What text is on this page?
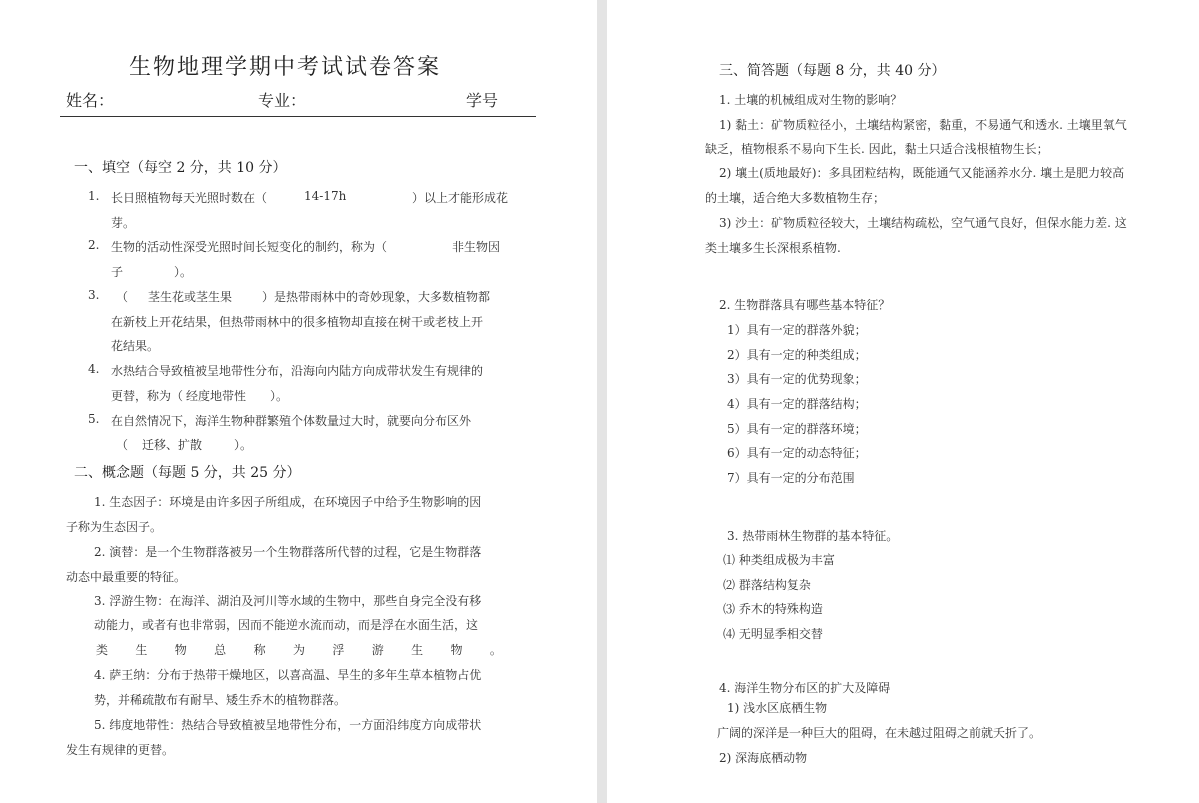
生物地理学期中考试试卷答案
姓名：	专业：	学号
一、填空（每空 2 分，共 10 分）
1. 长日照植物每天光照时数在（	14-17h	）以上才能形成花
芽。
2. 生物的活动性深受光照时间长短变化的制约，称为（	非生物因
子	）。
3. （ 茎生花或茎生果 ）是热带雨林中的奇妙现象，大多数植物都
在新枝上开花结果，但热带雨林中的很多植物却直接在树干或老枝上开
花结果。
4. 水热结合导致植被呈地带性分布，沿海向内陆方向成带状发生有规律的
更替，称为（ 经度地带性 ）。
5. 在自然情况下，海洋生物种群繁殖个体数量过大时，就要向分布区外
（ 迁移、扩散	）。
二、概念题（每题 5 分，共 25 分）
1. 生态因子：环境是由许多因子所组成，在环境因子中给予生物影响的因
子称为生态因子。
2. 演替：是一个生物群落被另一个生物群落所代替的过程，它是生物群落
动态中最重要的特征。
3. 浮游生物：在海洋、湖泊及河川等水域的生物中，那些自身完全没有移
动能力，或者有也非常弱，因而不能逆水流而动，而是浮在水面生活，这
类 生 物 总 称 为 浮 游 生 物 。
4. 萨王纳：分布于热带干燥地区，以喜高温、旱生的多年生草本植物占优
势，并稀疏散布有耐旱、矮生乔木的植物群落。
5. 纬度地带性：热结合导致植被呈地带性分布，一方面沿纬度方向成带状
发生有规律的更替。
三、简答题（每题 8 分，共 40 分）
1. 土壤的机械组成对生物的影响？
1) 黏土：矿物质粒径小，土壤结构紧密，黏重，不易通气和透水. 土壤里氧气
缺乏，植物根系不易向下生长. 因此，黏土只适合浅根植物生长；
2) 壤土(质地最好)：多具团粒结构，既能通气又能涵养水分. 壤土是肥力较高
的土壤，适合绝大多数植物生存；
3) 沙土：矿物质粒径较大，土壤结构疏松，空气通气良好，但保水能力差. 这
类土壤多生长深根系植物.
2. 生物群落具有哪些基本特征？
1）具有一定的群落外貌；
2）具有一定的种类组成；
3）具有一定的优势现象；
4）具有一定的群落结构；
5）具有一定的群落环境；
6）具有一定的动态特征；
7）具有一定的分布范围
3. 热带雨林生物群的基本特征。
⑴ 种类组成极为丰富
⑵ 群落结构复杂
⑶ 乔木的特殊构造
⑷ 无明显季相交替
4. 海洋生物分布区的扩大及障碍
1) 浅水区底栖生物
广阔的深洋是一种巨大的阻碍，在未越过阻碍之前就夭折了。
2) 深海底栖动物
